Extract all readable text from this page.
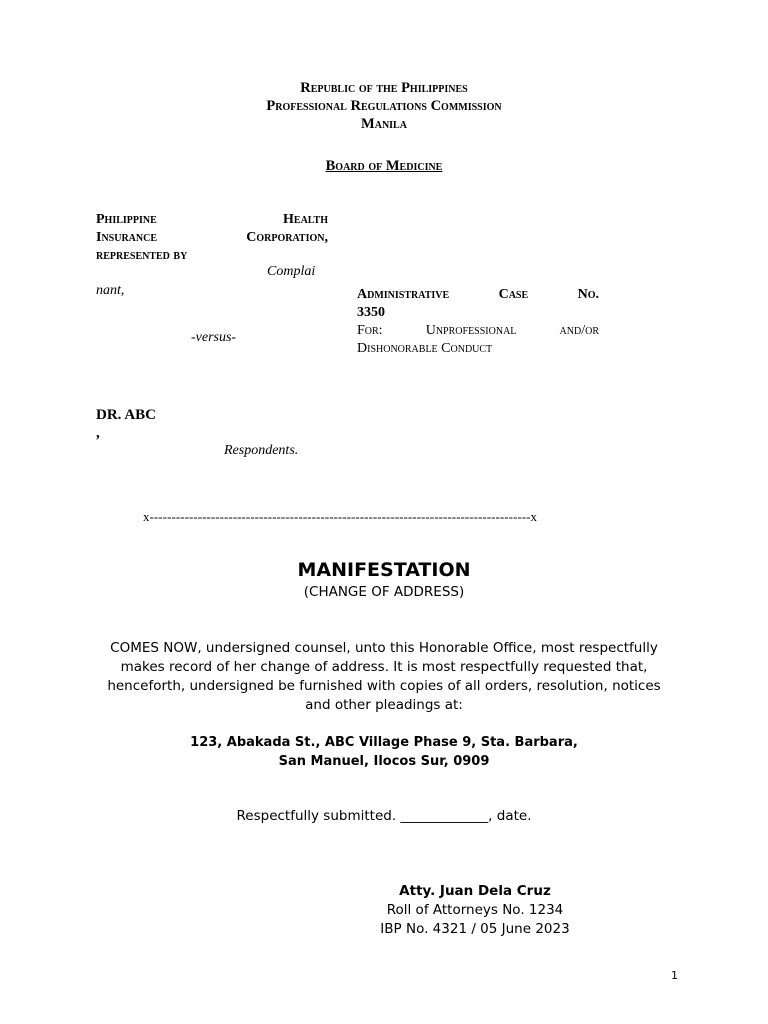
Republic of the Philippines
Professional Regulations Commission
Manila
Board of Medicine
Philippine	Health
Insurance	Corporation,
represented by
Complai
nant,
-versus-
DR. ABC
,
Respondents.
Administrative	Case	No.
3350
For:	Unprofessional	and/or
Dishonorable Conduct
x---------------------------------------------------------------------------------------x
MANIFESTATION
(CHANGE OF ADDRESS)
COMES NOW, undersigned counsel, unto this Honorable Office, most respectfully
makes record of her change of address. It is most respectfully requested that,
henceforth, undersigned be furnished with copies of all orders, resolution, notices
and other pleadings at:
123, Abakada St., ABC Village Phase 9, Sta. Barbara,
San Manuel, Ilocos Sur, 0909
Respectfully submitted. _____________, date.
Atty. Juan Dela Cruz
Roll of Attorneys No. 1234
IBP No. 4321 / 05 June 2023
1
